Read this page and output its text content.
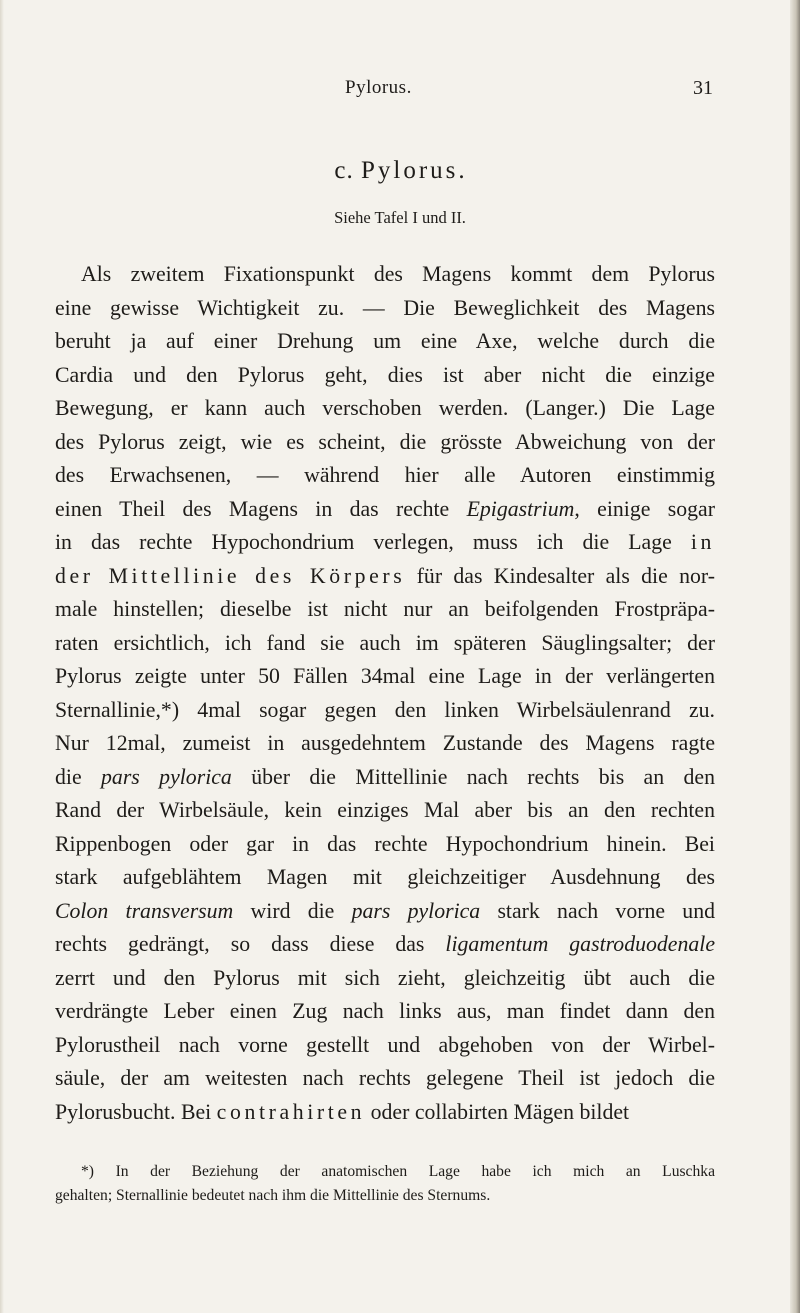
Pylorus.	31
c. Pylorus.
Siehe Tafel I und II.
Als zweitem Fixationspunkt des Magens kommt dem Pylorus
eine gewisse Wichtigkeit zu. — Die Beweglichkeit des Magens
beruht ja auf einer Drehung um eine Axe, welche durch die
Cardia und den Pylorus geht, dies ist aber nicht die einzige
Bewegung, er kann auch verschoben werden. (Langer.) Die Lage
des Pylorus zeigt, wie es scheint, die grösste Abweichung von der
des Erwachsenen, — während hier alle Autoren einstimmig
einen Theil des Magens in das rechte Epigastrium, einige sogar
in das rechte Hypochondrium verlegen, muss ich die Lage in
der Mittellinie des Körpers für das Kindesalter als die nor-
male hinstellen; dieselbe ist nicht nur an beifolgenden Frostpräpa-
raten ersichtlich, ich fand sie auch im späteren Säuglingsalter; der
Pylorus zeigte unter 50 Fällen 34mal eine Lage in der verlängerten
Sternallinie,*) 4mal sogar gegen den linken Wirbelsäulenrand zu.
Nur 12mal, zumeist in ausgedehntem Zustande des Magens ragte
die pars pylorica über die Mittellinie nach rechts bis an den
Rand der Wirbelsäule, kein einziges Mal aber bis an den rechten
Rippenbogen oder gar in das rechte Hypochondrium hinein. Bei
stark aufgeblähtem Magen mit gleichzeitiger Ausdehnung des
Colon transversum wird die pars pylorica stark nach vorne und
rechts gedrängt, so dass diese das ligamentum gastroduodenale
zerrt und den Pylorus mit sich zieht, gleichzeitig übt auch die
verdrängte Leber einen Zug nach links aus, man findet dann den
Pylorustheil nach vorne gestellt und abgehoben von der Wirbel-
säule, der am weitesten nach rechts gelegene Theil ist jedoch die
Pylorusbucht. Bei contrahirten oder collabirten Mägen bildet
*) In der Beziehung der anatomischen Lage habe ich mich an Luschka
gehalten; Sternallinie bedeutet nach ihm die Mittellinie des Sternums.
